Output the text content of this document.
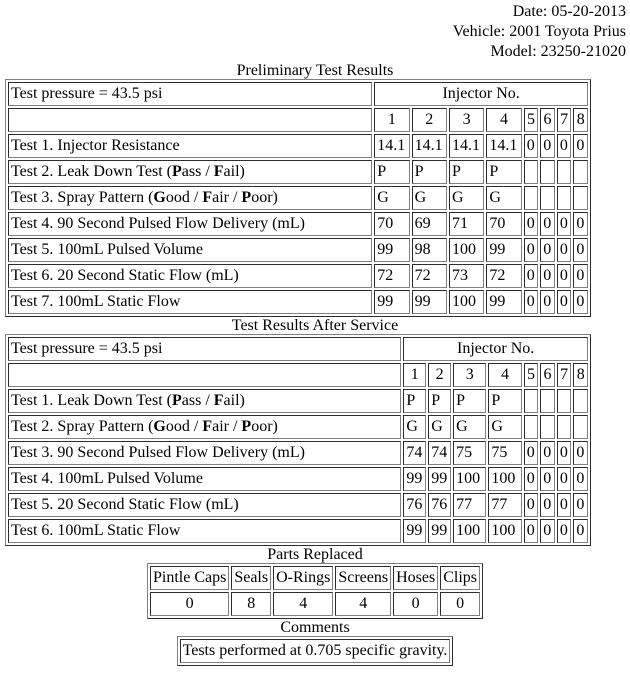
Date: 05-20-2013
Vehicle: 2001 Toyota Prius
Model: 23250-21020
Preliminary Test Results
Test pressure = 43.5 psi	Injector No.							
	1	2	3	4	5	6	7	8
Test 1. Injector Resistance	14.1	14.1	14.1	14.1	0	0	0	0
Test 2. Leak Down Test (Pass / Fail)	P	P	P	P				
Test 3. Spray Pattern (Good / Fair / Poor)	G	G	G	G				
Test 4. 90 Second Pulsed Flow Delivery (mL)	70	69	71	70	0	0	0	0
Test 5. 100mL Pulsed Volume	99	98	100	99	0	0	0	0
Test 6. 20 Second Static Flow (mL)	72	72	73	72	0	0	0	0
Test 7. 100mL Static Flow	99	99	100	99	0	0	0	0
Test Results After Service
Test pressure = 43.5 psi	Injector No.							
	1	2	3	4	5	6	7	8
Test 1. Leak Down Test (Pass / Fail)	P	P	P	P				
Test 2. Spray Pattern (Good / Fair / Poor)	G	G	G	G				
Test 3. 90 Second Pulsed Flow Delivery (mL)	74	74	75	75	0	0	0	0
Test 4. 100mL Pulsed Volume	99	99	100	100	0	0	0	0
Test 5. 20 Second Static Flow (mL)	76	76	77	77	0	0	0	0
Test 6. 100mL Static Flow	99	99	100	100	0	0	0	0
Parts Replaced
Pintle Caps	Seals	O-Rings	Screens	Hoses	Clips
0	8	4	4	0	0
Comments
Tests performed at 0.705 specific gravity.
